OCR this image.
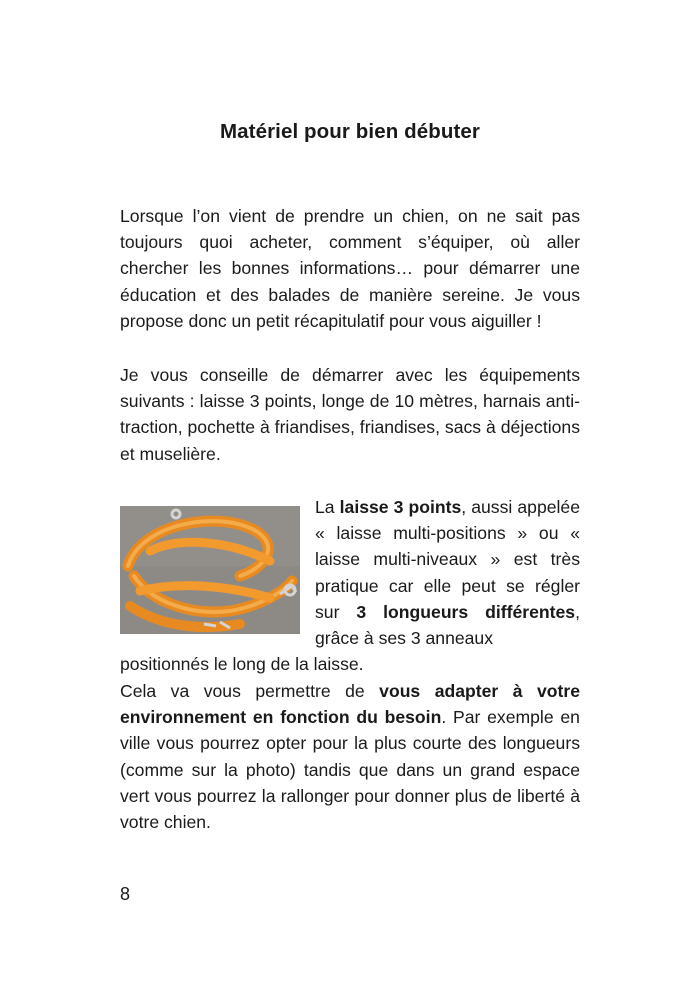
Matériel pour bien débuter

Lorsque l’on vient de prendre un chien, on ne sait pas toujours quoi acheter, comment s’équiper, où aller chercher les bonnes informations… pour démarrer une éducation et des balades de manière sereine. Je vous propose donc un petit récapitulatif pour vous aiguiller !

Je vous conseille de démarrer avec les équipements suivants : laisse 3 points, longe de 10 mètres, harnais anti-traction, pochette à friandises, friandises, sacs à déjections et muselière.

La laisse 3 points, aussi appelée « laisse multi-positions » ou « laisse multi-niveaux » est très pratique car elle peut se régler sur 3 longueurs différentes, grâce à ses 3 anneaux

positionnés le long de la laisse.

Cela va vous permettre de vous adapter à votre environnement en fonction du besoin. Par exemple en ville vous pourrez opter pour la plus courte des longueurs (comme sur la photo) tandis que dans un grand espace vert vous pourrez la rallonger pour donner plus de liberté à votre chien.

8
